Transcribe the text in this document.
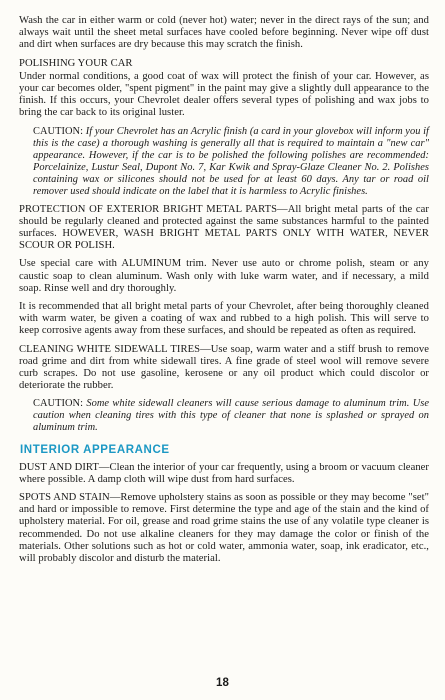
Wash the car in either warm or cold (never hot) water; never in the direct rays of the sun; and always wait until the sheet metal surfaces have cooled before beginning. Never wipe off dust and dirt when surfaces are dry because this may scratch the finish.

POLISHING YOUR CAR

Under normal conditions, a good coat of wax will protect the finish of your car. However, as your car becomes older, "spent pigment" in the paint may give a slightly dull appearance to the finish. If this occurs, your Chevrolet dealer offers several types of polishing and wax jobs to bring the car back to its original luster.

CAUTION: If your Chevrolet has an Acrylic finish (a card in your glovebox will inform you if this is the case) a thorough washing is generally all that is required to maintain a "new car" appearance. However, if the car is to be polished the following polishes are recommended: Porcelainize, Lustur Seal, Dupont No. 7, Kar Kwik and Spray-Glaze Cleaner No. 2. Polishes containing wax or silicones should not be used for at least 60 days. Any tar or road oil remover used should indicate on the label that it is harmless to Acrylic finishes.

PROTECTION OF EXTERIOR BRIGHT METAL PARTS—All bright metal parts of the car should be regularly cleaned and protected against the same substances harmful to the painted surfaces. HOWEVER, WASH BRIGHT METAL PARTS ONLY WITH WATER, NEVER SCOUR OR POLISH.

Use special care with ALUMINUM trim. Never use auto or chrome polish, steam or any caustic soap to clean aluminum. Wash only with luke warm water, and if necessary, a mild soap. Rinse well and dry thoroughly.

It is recommended that all bright metal parts of your Chevrolet, after being thoroughly cleaned with warm water, be given a coating of wax and rubbed to a high polish. This will serve to keep corrosive agents away from these surfaces, and should be repeated as often as required.

CLEANING WHITE SIDEWALL TIRES—Use soap, warm water and a stiff brush to remove road grime and dirt from white sidewall tires. A fine grade of steel wool will remove severe curb scrapes. Do not use gasoline, kerosene or any oil product which could discolor or deteriorate the rubber.

CAUTION: Some white sidewall cleaners will cause serious damage to aluminum trim. Use caution when cleaning tires with this type of cleaner that none is splashed or sprayed on aluminum trim.

INTERIOR APPEARANCE

DUST AND DIRT—Clean the interior of your car frequently, using a broom or vacuum cleaner where possible. A damp cloth will wipe dust from hard surfaces.

SPOTS AND STAIN—Remove upholstery stains as soon as possible or they may become "set" and hard or impossible to remove. First determine the type and age of the stain and the kind of upholstery material. For oil, grease and road grime stains the use of any volatile type cleaner is recommended. Do not use alkaline cleaners for they may damage the color or finish of the materials. Other solutions such as hot or cold water, ammonia water, soap, ink eradicator, etc., will probably discolor and disturb the material.

18
